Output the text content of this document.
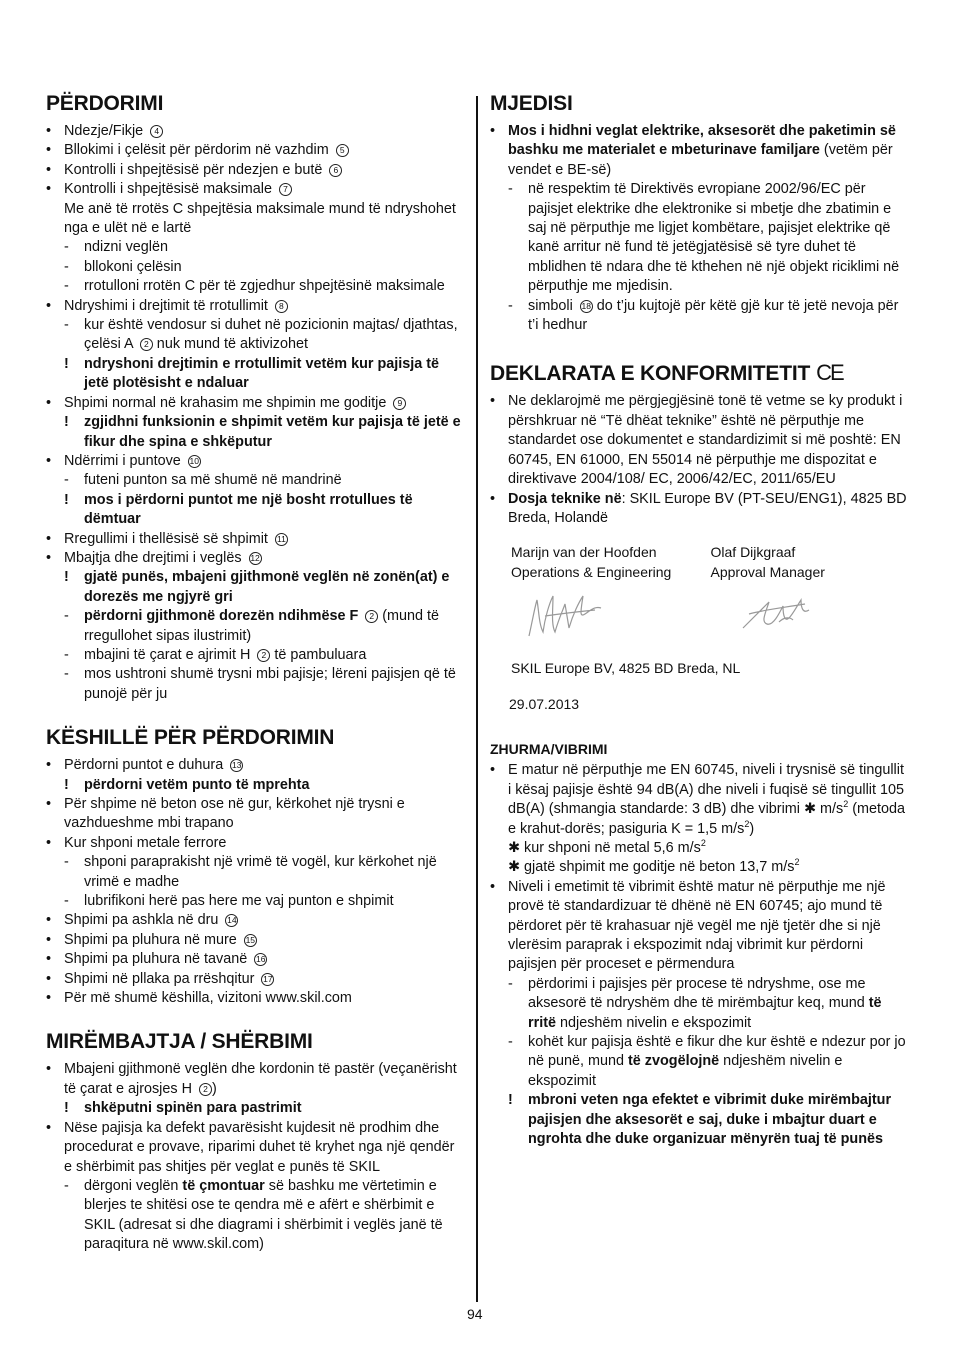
PËRDORIMI
• Ndezje/Fikje 4
• Bllokimi i çelësit për përdorim në vazhdim 5
• Kontrolli i shpejtësisë për ndezjen e butë 6
• Kontrolli i shpejtësisë maksimale 7
Me anë të rrotës C shpejtësia maksimale mund të ndryshohet nga e ulët në e lartë
- ndizni veglën
- bllokoni çelësin
- rrotulloni rrotën C për të zgjedhur shpejtësinë maksimale
• Ndryshimi i drejtimit të rrotullimit 8
- kur është vendosur si duhet në pozicionin majtas/ djathtas, çelësi A 2 nuk mund të aktivizohet
! ndryshoni drejtimin e rrotullimit vetëm kur pajisja të jetë plotësisht e ndaluar
• Shpimi normal në krahasim me shpimin me goditje 9
! zgjidhni funksionin e shpimit vetëm kur pajisja të jetë e fikur dhe spina e shkëputur
• Ndërrimi i puntove 10
- futeni punton sa më shumë në mandrinë
! mos i përdorni puntot me një bosht rrotullues të dëmtuar
• Rregullimi i thellësisë së shpimit 11
• Mbajtja dhe drejtimi i veglës 12
! gjatë punës, mbajeni gjithmonë veglën në zonën(at) e dorezës me ngjyrë gri
- përdorni gjithmonë dorezën ndihmëse F 2 (mund të rregullohet sipas ilustrimit)
- mbajini të çarat e ajrimit H 2 të pambuluara
- mos ushtroni shumë trysni mbi pajisje; lëreni pajisjen që të punojë për ju
KËSHILLË PËR PËRDORIMIN
• Përdorni puntot e duhura 13
! përdorni vetëm punto të mprehta
• Për shpime në beton ose në gur, kërkohet një trysni e vazhdueshme mbi trapano
• Kur shponi metale ferrore
- shponi paraprakisht një vrimë të vogël, kur kërkohet një vrimë e madhe
- lubrifikoni herë pas here me vaj punton e shpimit
• Shpimi pa ashkla në dru 14
• Shpimi pa pluhura në mure 15
• Shpimi pa pluhura në tavanë 16
• Shpimi në pllaka pa rrëshqitur 17
• Për më shumë këshilla, vizitoni www.skil.com
MIRËMBAJTJA / SHËRBIMI
• Mbajeni gjithmonë veglën dhe kordonin të pastër (veçanërisht të çarat e ajrosjes H 2 )
! shkëputni spinën para pastrimit
• Nëse pajisja ka defekt pavarësisht kujdesit në prodhim dhe procedurat e provave, riparimi duhet të kryhet nga një qendër e shërbimit pas shitjes për veglat e punës të SKIL
- dërgoni veglën të çmontuar së bashku me vërtetimin e blerjes te shitësi ose te qendra më e afërt e shërbimit e SKIL (adresat si dhe diagrami i shërbimit i veglës janë të paraqitura në www.skil.com)
MJEDISI
• Mos i hidhni veglat elektrike, aksesorët dhe paketimin së bashku me materialet e mbeturinave familjare (vetëm për vendet e BE-së)
- në respektim të Direktivës evropiane 2002/96/EC për pajisjet elektrike dhe elektronike si mbetje dhe zbatimin e saj në përputhje me ligjet kombëtare, pajisjet elektrike që kanë arritur në fund të jetëgjatësisë së tyre duhet të mblidhen të ndara dhe të kthehen në një objekt riciklimi në përputhje me mjedisin.
- simboli 18 do t’ju kujtojë për këtë gjë kur të jetë nevoja për t’i hedhur
DEKLARATA E KONFORMITETIT CE
• Ne deklarojmë me përgjegjësinë tonë të vetme se ky produkt i përshkruar në “Të dhëat teknike” është në përputhje me standardet ose dokumentet e standardizimit si më poshtë: EN 60745, EN 61000, EN 55014 në përputhje me dispozitat e direktivave 2004/108/ EC, 2006/42/EC, 2011/65/EU
• Dosja teknike në: SKIL Europe BV (PT-SEU/ENG1), 4825 BD Breda, Holandë
Marijn van der Hoofden
Operations & Engineering
Olaf Dijkgraaf
Approval Manager
SKIL Europe BV, 4825 BD Breda, NL
29.07.2013
ZHURMA/VIBRIMI
• E matur në përputhje me EN 60745, niveli i trysnisë së tingullit i kësaj pajisje është 94 dB(A) dhe niveli i fuqisë së tingullit 105 dB(A) (shmangia standarde: 3 dB) dhe vibrimi ✱ $m/s^2$ (metoda e krahut-dorës; pasiguria K = 1,5 $m/s^2$)
✱ kur shponi në metal 5,6 $m/s^2$
✱ gjatë shpimit me goditje në beton 13,7 $m/s^2$
• Niveli i emetimit të vibrimit është matur në përputhje me një provë të standardizuar të dhënë në EN 60745; ajo mund të përdoret për të krahasuar një vegël me një tjetër dhe si një vlerësim paraprak i ekspozimit ndaj vibrimit kur përdorni pajisjen për proceset e përmendura
- përdorimi i pajisjes për procese të ndryshme, ose me aksesorë të ndryshëm dhe të mirëmbajtur keq, mund të rritë ndjeshëm nivelin e ekspozimit
- kohët kur pajisja është e fikur dhe kur është e ndezur por jo në punë, mund të zvogëlojnë ndjeshëm nivelin e ekspozimit
! mbroni veten nga efektet e vibrimit duke mirëmbajtur pajisjen dhe aksesorët e saj, duke i mbajtur duart e ngrohta dhe duke organizuar mënyrën tuaj të punës
94
